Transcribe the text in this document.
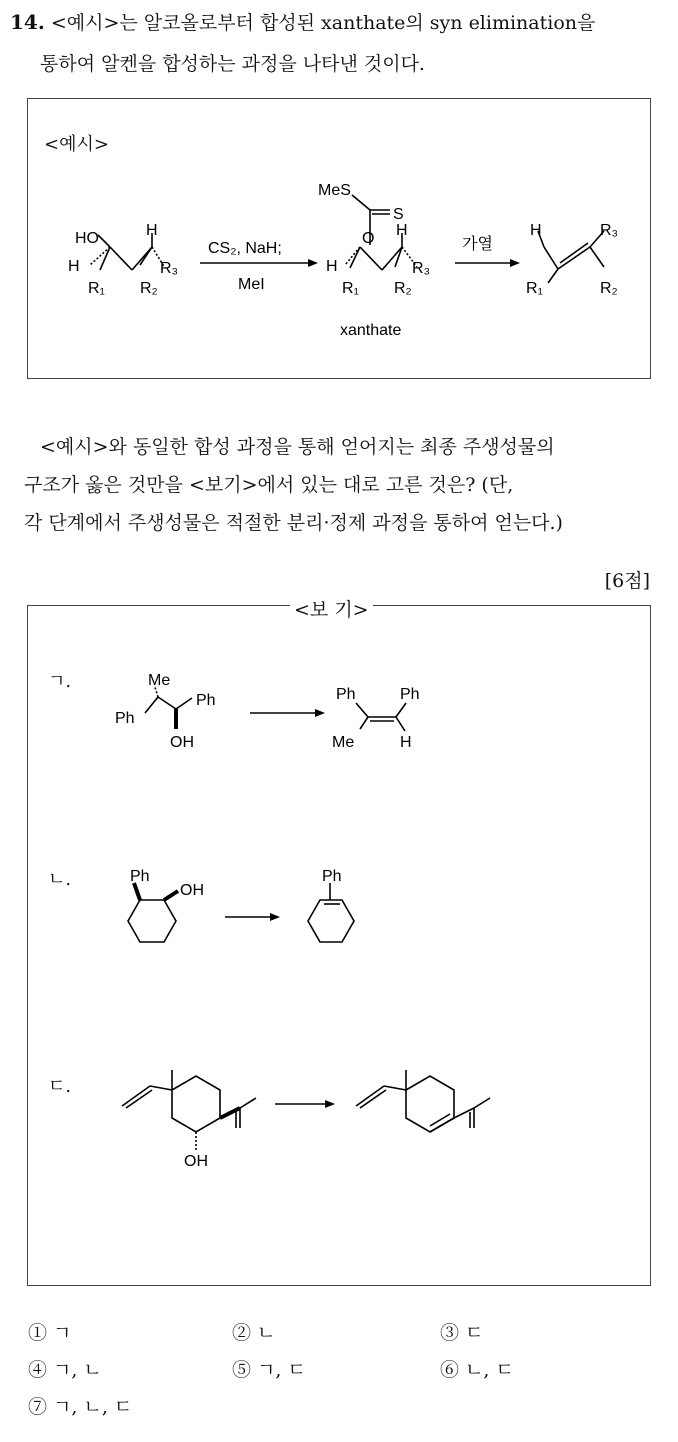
14. <예시>는 알코올로부터 합성된 xanthate의 syn elimination을
통하여 알켄을 합성하는 과정을 나타낸 것이다.
<예시>
HO	H
H
R₁ R₂
R₃
CS₂, NaH;
MeI
MeS
S
O H
H
R₁ R₂
R₃
xanthate
가열
H	R₃
R₁	R₂
<예시>와 동일한 합성 과정을 통해 얻어지는 최종 주생성물의
구조가 옳은 것만을 <보기>에서 있는 대로 고른 것은? (단,
각 단계에서 주생성물은 적절한 분리·정제 과정을 통하여 얻는다.)
[6점]
<보 기>
ㄱ.	Me
Ph
Ph
OH
Ph	Ph
Me	H
ㄴ.	Ph
OH
Ph
ㄷ.
OH
① ㄱ	② ㄴ	③ ㄷ
④ ㄱ, ㄴ	⑤ ㄱ, ㄷ	⑥ ㄴ, ㄷ
⑦ ㄱ, ㄴ, ㄷ
